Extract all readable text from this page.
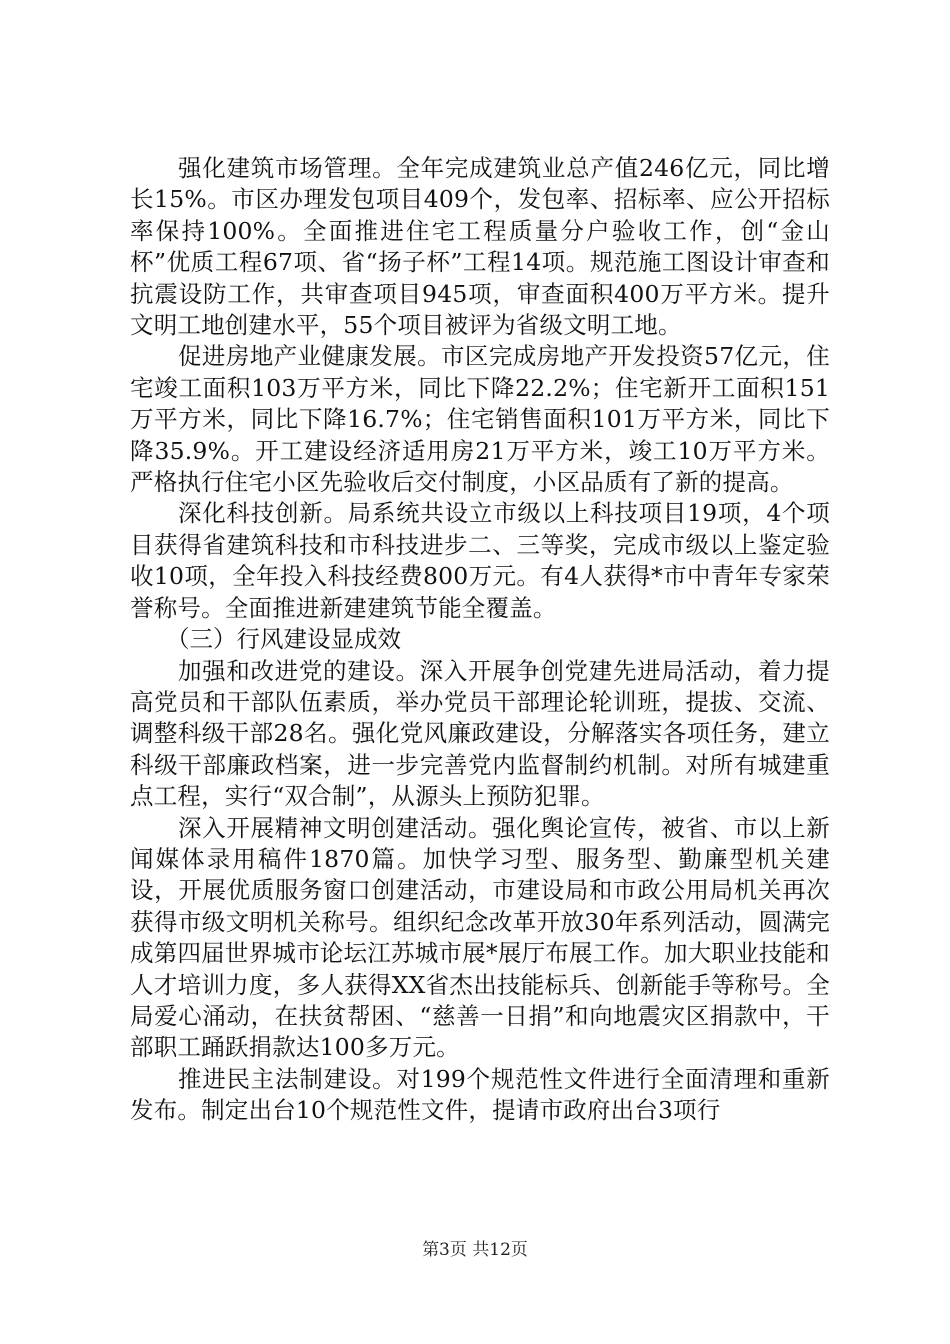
强化建筑市场管理。全年完成建筑业总产值246亿元，同比增长15%。市区办理发包项目409个，发包率、招标率、应公开招标率保持100%。全面推进住宅工程质量分户验收工作，创“金山杯”优质工程67项、省“扬子杯”工程14项。规范施工图设计审查和抗震设防工作，共审查项目945项，审查面积400万平方米。提升文明工地创建水平，55个项目被评为省级文明工地。

促进房地产业健康发展。市区完成房地产开发投资57亿元，住宅竣工面积103万平方米，同比下降22.2%；住宅新开工面积151万平方米，同比下降16.7%；住宅销售面积101万平方米，同比下降35.9%。开工建设经济适用房21万平方米，竣工10万平方米。严格执行住宅小区先验收后交付制度，小区品质有了新的提高。

深化科技创新。局系统共设立市级以上科技项目19项，4个项目获得省建筑科技和市科技进步二、三等奖，完成市级以上鉴定验收10项，全年投入科技经费800万元。有4人获得*市中青年专家荣誉称号。全面推进新建建筑节能全覆盖。

（三）行风建设显成效

加强和改进党的建设。深入开展争创党建先进局活动，着力提高党员和干部队伍素质，举办党员干部理论轮训班，提拔、交流、调整科级干部28名。强化党风廉政建设，分解落实各项任务，建立科级干部廉政档案，进一步完善党内监督制约机制。对所有城建重点工程，实行“双合制”，从源头上预防犯罪。

深入开展精神文明创建活动。强化舆论宣传，被省、市以上新闻媒体录用稿件1870篇。加快学习型、服务型、勤廉型机关建设，开展优质服务窗口创建活动，市建设局和市政公用局机关再次获得市级文明机关称号。组织纪念改革开放30年系列活动，圆满完成第四届世界城市论坛江苏城市展*展厅布展工作。加大职业技能和人才培训力度，多人获得XX省杰出技能标兵、创新能手等称号。全局爱心涌动，在扶贫帮困、“慈善一日捐”和向地震灾区捐款中，干部职工踊跃捐款达100多万元。

推进民主法制建设。对199个规范性文件进行全面清理和重新发布。制定出台10个规范性文件，提请市政府出台3项行

第3页 共12页
